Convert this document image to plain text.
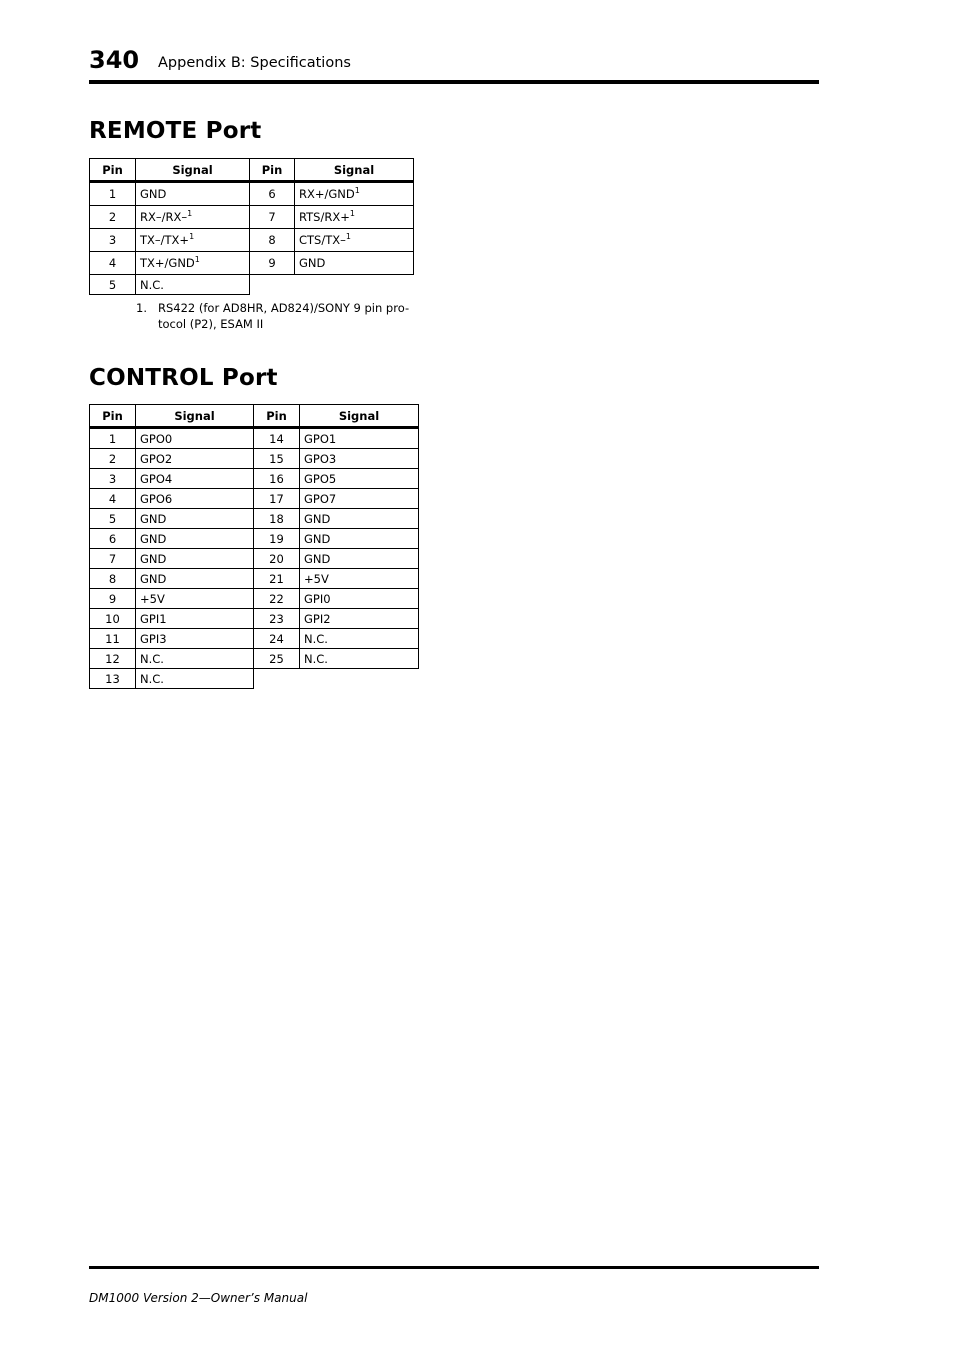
340 Appendix B: Specifications
REMOTE Port
Pin	Signal	Pin	Signal
1	GND	6	$RX+/GND^1$
2	RX–/RX–$^1$	7	RTS/RX+$^1$
3	TX–/TX+$^1$	8	CTS/TX–$^1$
4	$TX+/GND^1$	9	GND
5	N.C.		
1. RS422 (for AD8HR, AD824)/SONY 9 pin pro-tocol (P2), ESAM II
CONTROL Port
Pin	Signal	Pin	Signal
1	GPO0	14	GPO1
2	GPO2	15	GPO3
3	GPO4	16	GPO5
4	GPO6	17	GPO7
5	GND	18	GND
6	GND	19	GND
7	GND	20	GND
8	GND	21	+5V
9	+5V	22	GPI0
10	GPI1	23	GPI2
11	GPI3	24	N.C.
12	N.C.	25	N.C.
13	N.C.		
DM1000 Version 2—Owner’s Manual
